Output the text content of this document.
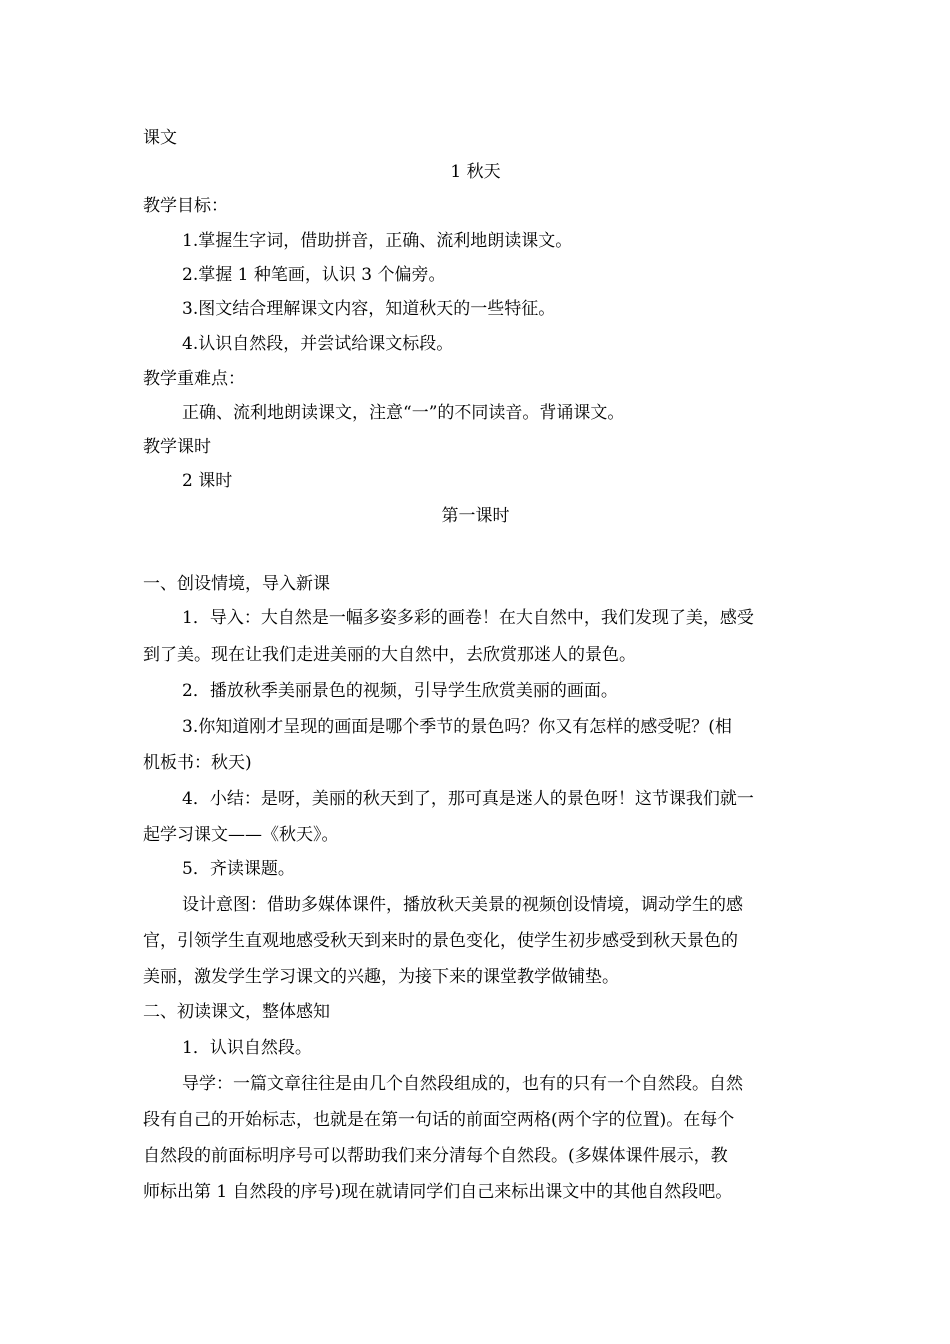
课文
1 秋天
教学目标：
1.掌握生字词，借助拼音，正确、流利地朗读课文。
2.掌握 1 种笔画，认识 3 个偏旁。
3.图文结合理解课文内容，知道秋天的一些特征。
4.认识自然段，并尝试给课文标段。
教学重难点：
正确、流利地朗读课文，注意“一”的不同读音。背诵课文。
教学课时
2 课时
第一课时
一、创设情境，导入新课
1．导入：大自然是一幅多姿多彩的画卷！在大自然中，我们发现了美，感受
到了美。现在让我们走进美丽的大自然中，去欣赏那迷人的景色。
2．播放秋季美丽景色的视频，引导学生欣赏美丽的画面。
3.你知道刚才呈现的画面是哪个季节的景色吗？你又有怎样的感受呢？(相
机板书：秋天)
4．小结：是呀，美丽的秋天到了，那可真是迷人的景色呀！这节课我们就一
起学习课文——《秋天》。
5．齐读课题。
设计意图：借助多媒体课件，播放秋天美景的视频创设情境，调动学生的感
官，引领学生直观地感受秋天到来时的景色变化，使学生初步感受到秋天景色的
美丽，激发学生学习课文的兴趣，为接下来的课堂教学做铺垫。
二、初读课文，整体感知
1．认识自然段。
导学：一篇文章往往是由几个自然段组成的，也有的只有一个自然段。自然
段有自己的开始标志，也就是在第一句话的前面空两格(两个字的位置)。在每个
自然段的前面标明序号可以帮助我们来分清每个自然段。(多媒体课件展示，教
师标出第 1 自然段的序号)现在就请同学们自己来标出课文中的其他自然段吧。
